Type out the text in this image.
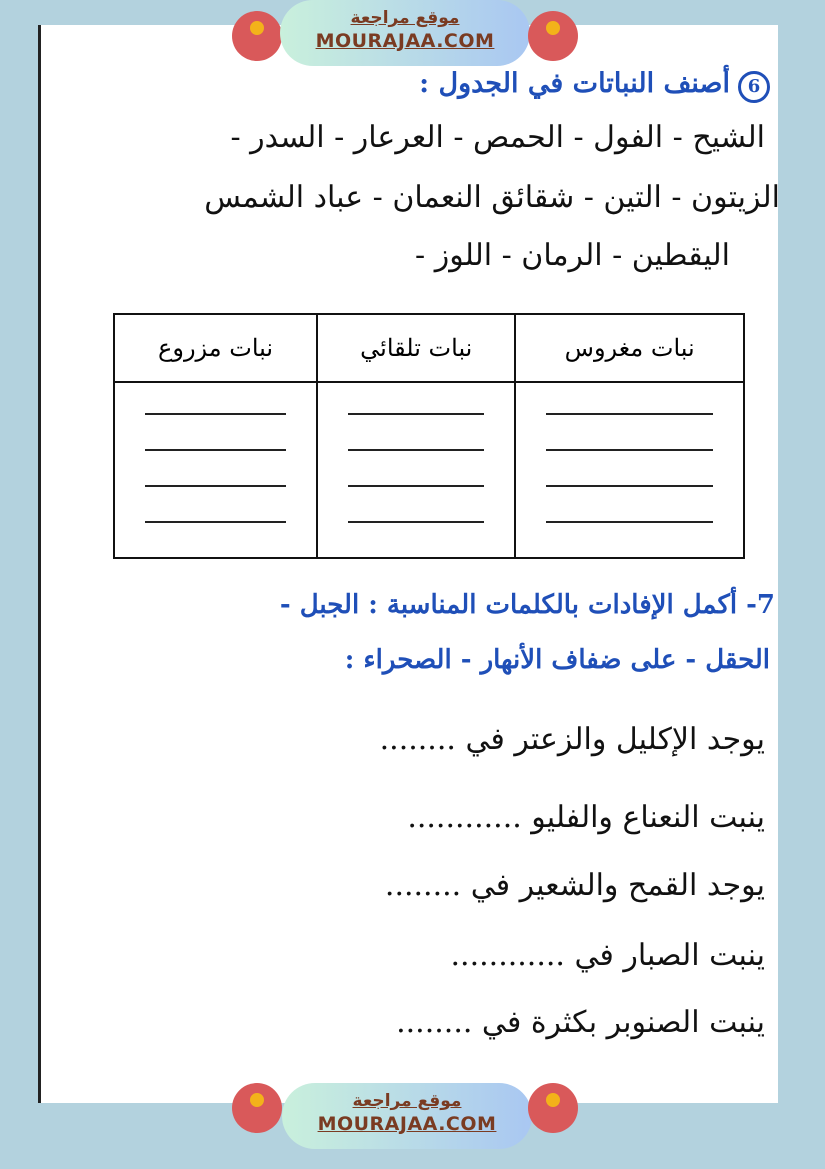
موقع مراجعة
MOURAJAA.COM
6أصنف النباتات في الجدول :
الشيح - الفول - الحمص - العرعار - السدر -
الزيتون - التين - شقائق النعمان - عباد الشمس
اليقطين - الرمان - اللوز -
نبات مغروس	نبات تلقائي	نبات مزروع

7- أكمل الإفادات بالكلمات المناسبة : الجبل -
الحقل - على ضفاف الأنهار - الصحراء :
يوجد الإكليل والزعتر في ........
ينبت النعناع والفليو ............
يوجد القمح والشعير في ........
ينبت الصبار في ............
ينبت الصنوبر بكثرة في ........
موقع مراجعة
MOURAJAA.COM
